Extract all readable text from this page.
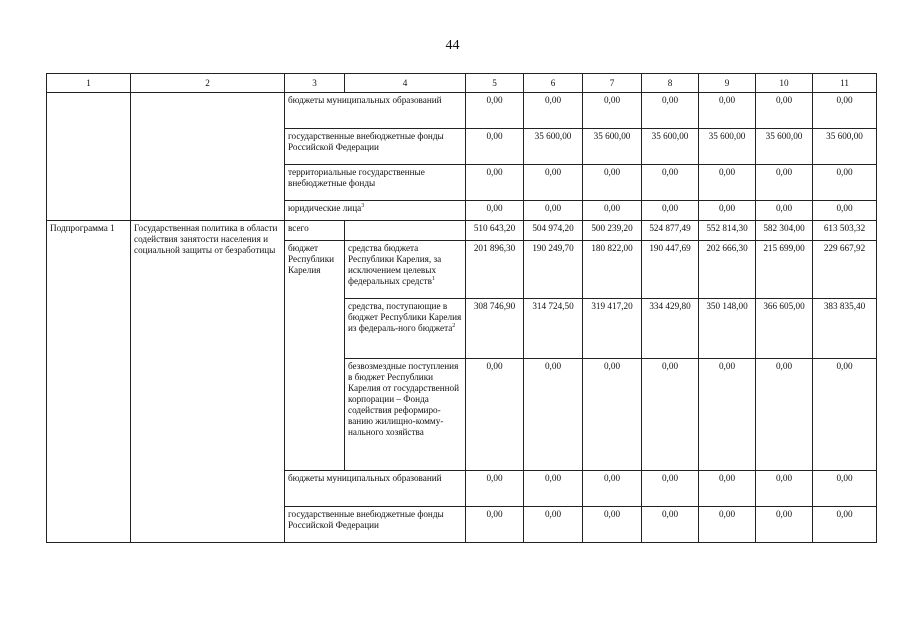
44
1	2	3	4	5	6	7	8	9	10	11
		бюджеты муниципальных образований		0,00	0,00	0,00	0,00	0,00	0,00	0,00
		государственные внебюджетные фонды Российской Федерации		0,00	35 600,00	35 600,00	35 600,00	35 600,00	35 600,00	35 600,00
		территориальные государственные внебюджетные фонды		0,00	0,00	0,00	0,00	0,00	0,00	0,00
		юридические лица$^3$		0,00	0,00	0,00	0,00	0,00	0,00	0,00
Подпрограмма 1	Государственная политика в области содействия занятости населения и социальной защиты от безработицы	всего		510 643,20	504 974,20	500 239,20	524 877,49	552 814,30	582 304,00	613 503,32
		бюджет Республики Карелия	средства бюджета Республики Карелия, за исключением целевых федеральных средств$^1$	201 896,30	190 249,70	180 822,00	190 447,69	202 666,30	215 699,00	229 667,92
			средства, поступающие в бюджет Республики Карелия из федераль-ного бюджета$^2$	308 746,90	314 724,50	319 417,20	334 429,80	350 148,00	366 605,00	383 835,40
			безвозмездные поступления в бюджет Республики Карелия от государственной корпорации – Фонда содействия реформиро-ванию жилищно-комму-нального хозяйства	0,00	0,00	0,00	0,00	0,00	0,00	0,00
		бюджеты муниципальных образований		0,00	0,00	0,00	0,00	0,00	0,00	0,00
		государственные внебюджетные фонды Российской Федерации		0,00	0,00	0,00	0,00	0,00	0,00	0,00
